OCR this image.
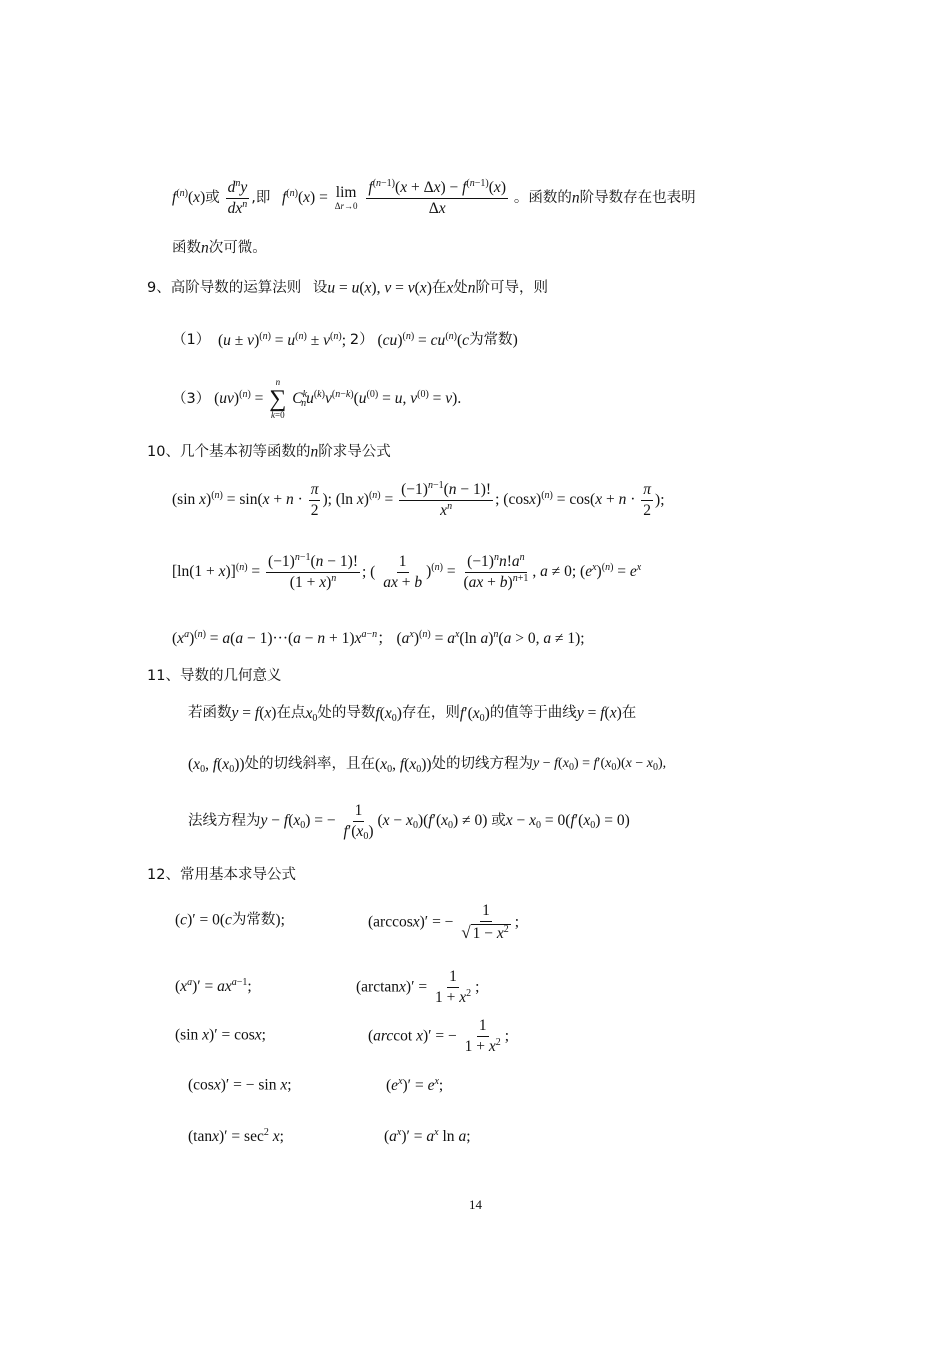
$f^{(n)}(x)$或
$d^ny$
$dx^n$ ,即 $f^{(n)}(x) = \lim$
Δr→0
$\frac{f^{(n-1)}(x + \Delta x) - f^{(n-1)}(x)}{\Delta x}$ 。函数的n阶导数存在也表明
函数n次可微。
9、高阶导数的运算法则 设u = u(x), v = v(x)在x处n阶可导，则
（1） $(u \pm v)^{(n)} = u^{(n)} \pm v^{(n)}$; 2） $(cu)^{(n)} = cu^{(n)}(c$为常数)
（3） (uv)$^{(n)}$ =
n
∑
k=0
$C^k_nu^{(k)}v^{(n-k)}(u^{(0)} = u$, $v^{(0)} = v$).
10、几个基本初等函数的n阶求导公式
(sin $x)^{(n)} = \sin(x + n \cdot \frac{\pi}{2}$ ); (ln $x)^{(n)} = \frac{(-1)^{n-1}(n - 1)!}{x^n}$ ; $(\cos x)^{(n)} = \cos(x + n \cdot \frac{\pi}{2}$ );
$[\ln(1 + x)]^{(n)} = \frac{(-1)^{n-1}(n - 1)!}{(1 + x)^n}$ ; ( $\frac{1}{ax + b} )^{(n)} = \frac{(-1)^nn!a^n}{(ax + b)^{n+1}}$ , a ≠ 0; $(e^x)^{(n)} = e^x$
$(x^a)^{(n)} = a(a - 1)\cdot\cdot\cdot(a - n + 1)x^{a-n}$； $(a^x)^{(n)} = a^x(\ln$ a)$^n$(a > 0, a ≠ 1);
11、导数的几何意义
若函数y = f(x)在点$x_0$处的导数$f(x_0)$存在，则$f'(x_0)$的值等于曲线y = f(x)在
($x_0$, $f(x_0)$)处的切线斜率，且在($x_0$, $f(x_0)$)处的切线方程为$y - f(x_0) = f'(x_0)(x - x_0)$,
法线方程为$y - f(x_0)$ = − $\frac{1}{f'(x_0)} (x - x_0)(f'(x_0) \ne 0)$ 或$x - x_0 = 0(f'(x_0) = 0)$
12、常用基本求导公式
(c)′ = 0(c为常数);	(arccosx)′ = − $\frac{1}{√ 1 - x^2}$ ;
$(x^a)' = ax^{a-1}$;	$(\arctan x)' = \frac{1}{1 + x^2}$ ;
(sin x)′ = cosx;	(arccot x)′ = − $\frac{1}{1 + x^2}$ ;
(cosx)′ = − sin x;	$(e^x)' = e^x$;
$(\tan x)' = \sec^2 x$;	$(a^x)' = a^x$ ln a;
14
